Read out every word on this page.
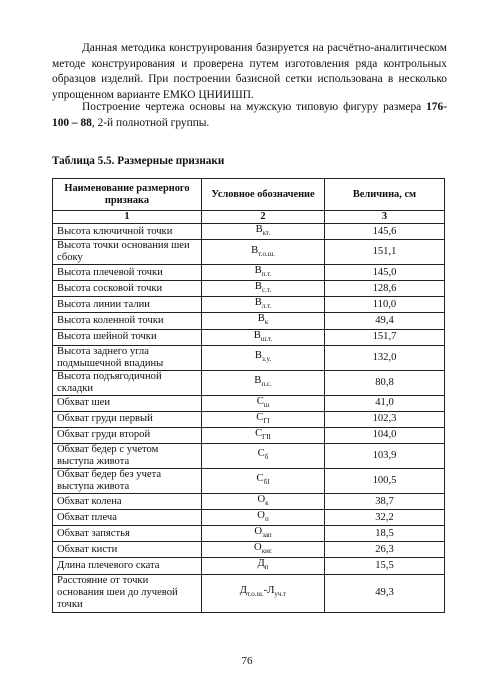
Данная методика конструирования базируется на расчётно-аналитическом методе конструирования и проверена путем изготовления ряда контрольных образцов изделий. При построении базисной сетки использована в несколько упрощенном варианте ЕМКО ЦНИИШП.
Построение чертежа основы на мужскую типовую фигуру размера 176-100 – 88, 2-й полнотной группы.
Таблица 5.5. Размерные признаки
Наименование размерного признака	Условное обозначение	Величина, см
1	2	3
Высота ключичной точки	$В_{кт.}$	145,6
Высота точки основания шеи сбоку	$В_{т.о.ш.}$	151,1
Высота плечевой точки	$В_{п.т.}$	145,0
Высота сосковой точки	$В_{с.т.}$	128,6
Высота линии талии	$В_{л.т.}$	110,0
Высота коленной точки	$В_к$	49,4
Высота шейной точки	$В_{ш.т.}$	151,7
Высота заднего угла подмышечной впадины	$В_{з.у.}$	132,0
Высота подъягодичной складки	$В_{п.с.}$	80,8
Обхват шеи	$С_ш$	41,0
Обхват груди первый	$С_{ГI}$	102,3
Обхват груди второй	$С_{ГII}$	104,0
Обхват бедер с учетом выступа живота	$С_б$	103,9
Обхват бедер без учета выступа живота	$С_{бI}$	100,5
Обхват колена	$О_к$	38,7
Обхват плеча	$О_п$	32,2
Обхват запястья	$О_{зап}$	18,5
Обхват кисти	$О_{кис}$	26,3
Длина плечевого ската	$Д_п$	15,5
Расстояние от точки основания шеи до лучевой точки	$Д_{т.о.ш.}-Л_{уч.т}$	49,3
76
